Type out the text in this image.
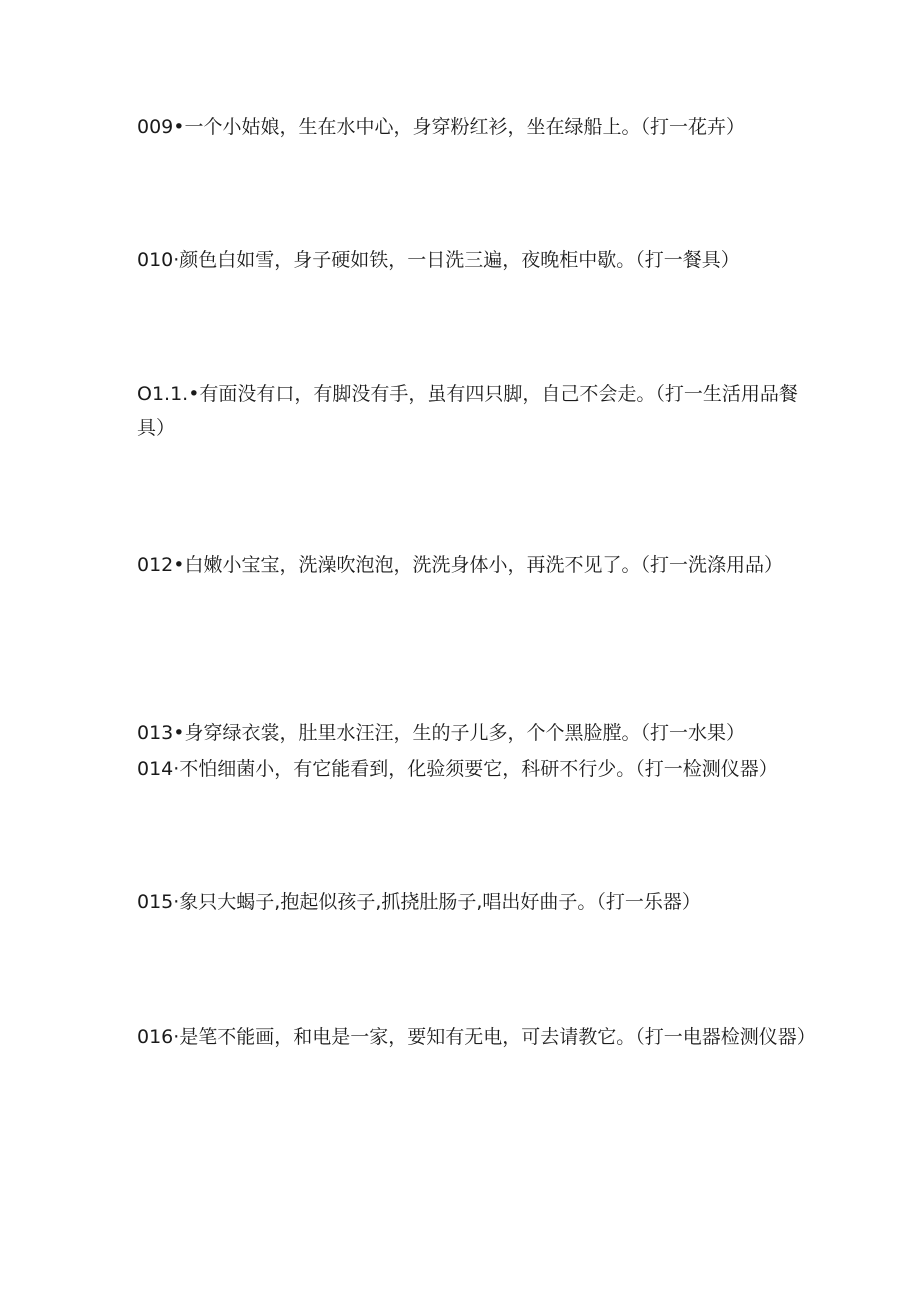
009•一个小姑娘，生在水中心，身穿粉红衫，坐在绿船上。（打一花卉）

010·颜色白如雪，身子硬如铁，一日洗三遍，夜晚柜中歇。（打一餐具）

O1.1.•有面没有口，有脚没有手，虽有四只脚，自己不会走。（打一生活用品餐具）

012•白嫩小宝宝，洗澡吹泡泡，洗洗身体小，再洗不见了。（打一洗涤用品）

013•身穿绿衣裳，肚里水汪汪，生的子儿多，个个黑脸膛。（打一水果）

014·不怕细菌小，有它能看到，化验须要它，科研不行少。（打一检测仪器）

015·象只大蝎子,抱起似孩子,抓挠肚肠子,唱出好曲子。（打一乐器）

016·是笔不能画，和电是一家，要知有无电，可去请教它。（打一电器检测仪器）
